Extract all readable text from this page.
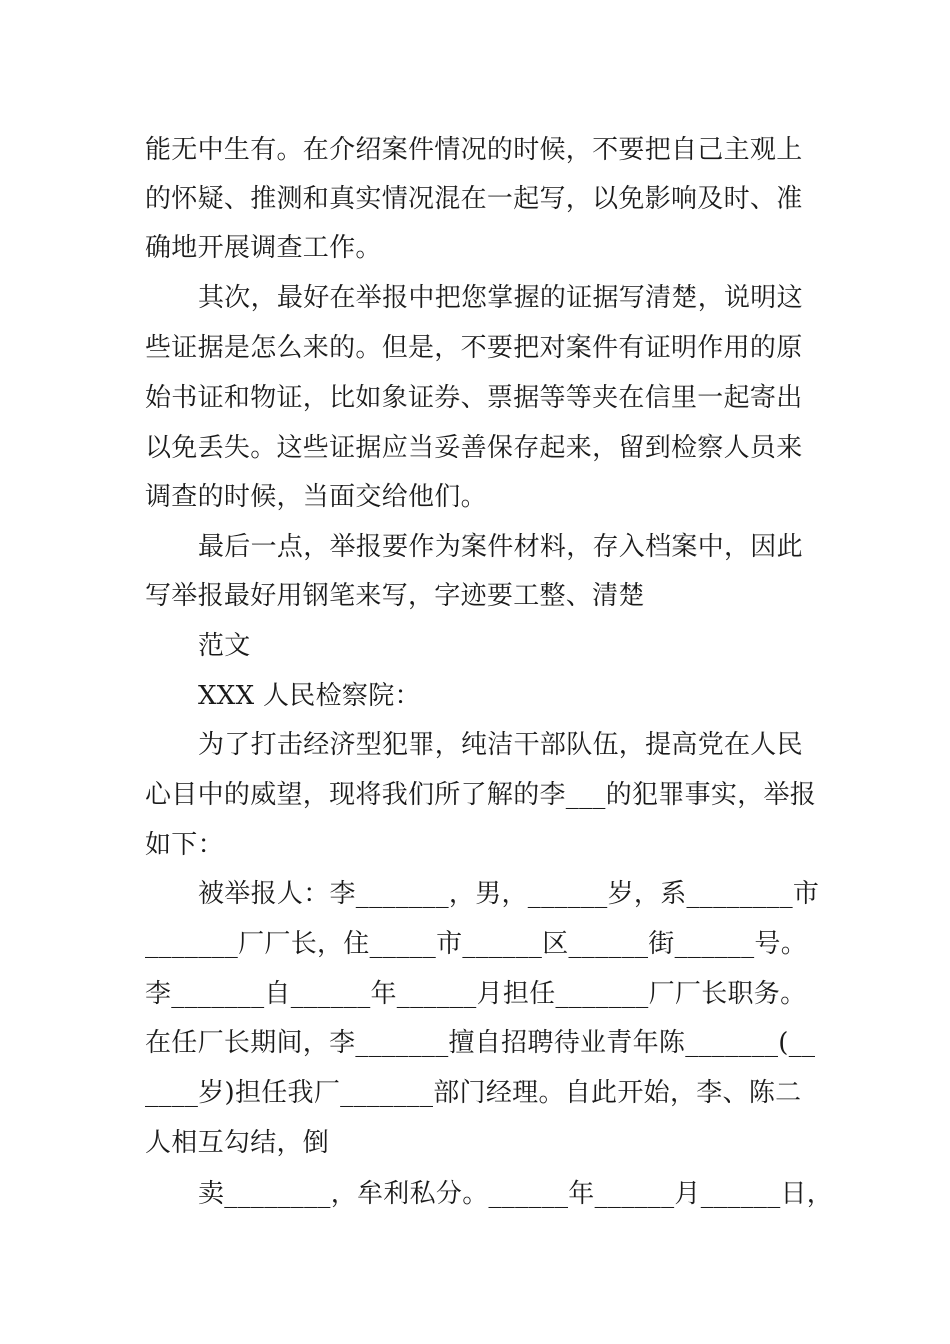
能无中生有。在介绍案件情况的时候，不要把自己主观上
的怀疑、推测和真实情况混在一起写，以免影响及时、准
确地开展调查工作。
其次，最好在举报中把您掌握的证据写清楚，说明这
些证据是怎么来的。但是，不要把对案件有证明作用的原
始书证和物证，比如象证券、票据等等夹在信里一起寄出
以免丢失。这些证据应当妥善保存起来，留到检察人员来
调查的时候，当面交给他们。
最后一点，举报要作为案件材料，存入档案中，因此
写举报最好用钢笔来写，字迹要工整、清楚
范文
XXX 人民检察院：
为了打击经济型犯罪，纯洁干部队伍，提高党在人民
心目中的威望，现将我们所了解的李___的犯罪事实，举报
如下：
被举报人：李_______，男，______岁，系________市
_______厂厂长，住_____市______区______街______号。
李_______自______年______月担任_______厂厂长职务。
在任厂长期间，李_______擅自招聘待业青年陈_______(__
____岁)担任我厂_______部门经理。自此开始，李、陈二
人相互勾结，倒
卖________，牟利私分。______年______月______日，
